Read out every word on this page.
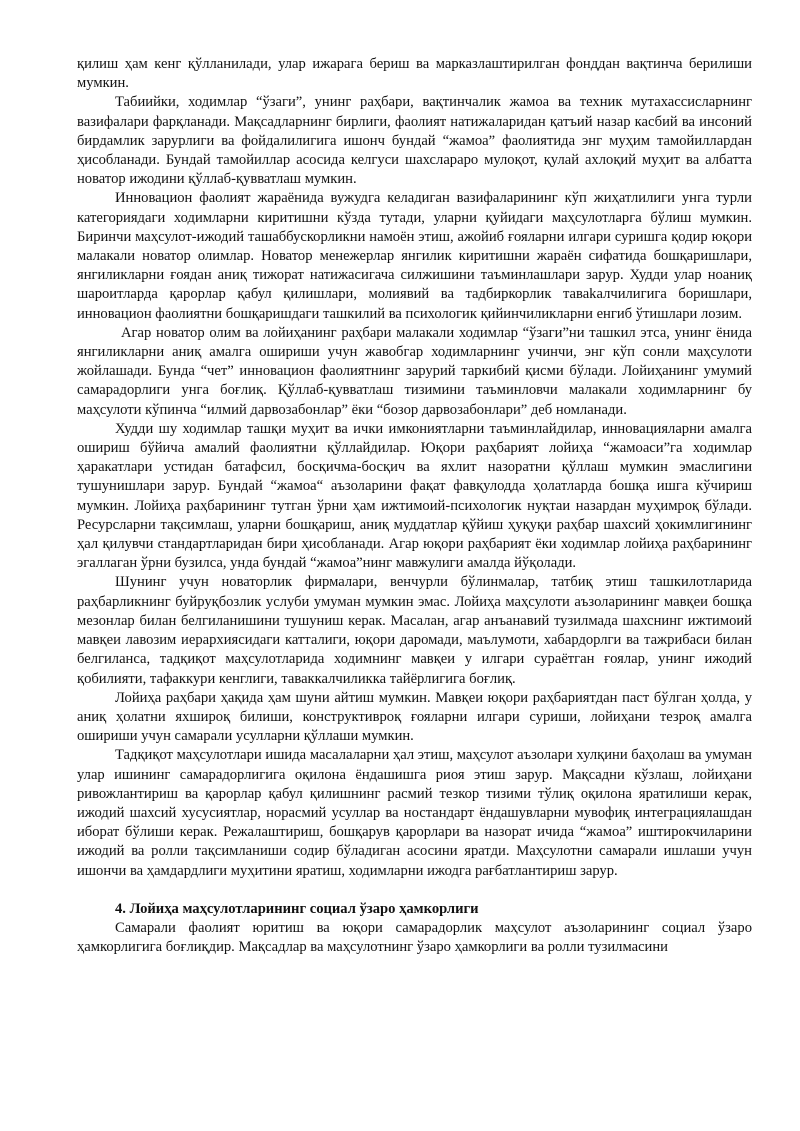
қилиш ҳам кенг қўлланилади, улар ижарага бериш ва марказлаштирилган фонддан вақтинча берилиши мумкин.

Табиийки, ходимлар “ўзаги”, унинг раҳбари, вақтинчалик жамоа ва техник мутахассисларнинг вазифалари фарқланади. Мақсадларнинг бирлиги, фаолият натижаларидан қатъий назар касбий ва инсоний бирдамлик зарурлиги ва фойдалилигига ишонч бундай “жамоа” фаолиятида энг муҳим тамойиллардан ҳисобланади. Бундай тамойиллар асосида келгуси шахсларaро мулоқот, қулай ахлоқий муҳит ва албатта новатор ижодини қўллаб-қувватлаш мумкин.

Инновацион фаолият жараёнида вужудга келадиган вазифаларининг кўп жиҳатлилиги унга турли категориядаги ходимларни киритишни кўзда тутади, уларни қуйидаги маҳсулотларга бўлиш мумкин. Биринчи маҳсулот-ижодий ташаббускорликни намоён этиш, ажойиб ғояларни илгари суришга қодир юқори малакали новатор олимлар. Новатор менежерлар янгилик киритишни жараён сифатида бошқаришлари, янгиликларни ғоядан аниқ тижорат натижасигача силжишини таъминлашлари зарур. Худди улар ноаниқ шароитларда қарорлар қабул қилишлари, молиявий ва тадбиркорлик таваkалчилигига боришлари, инновацион фаолиятни бошқаришдаги ташкилий ва психологик қийинчиликларни енгиб ўтишлари лозим.

Агар новатор олим ва лойиҳанинг раҳбари малакали ходимлар “ўзаги”ни ташкил этса, унинг ёнида янгиликларни аниқ амалга ошириши учун жавобгар ходимларнинг учинчи, энг кўп сонли маҳсулоти жойлашади. Бунда “чет” инновацион фаолиятнинг зарурий таркибий қисми бўлади. Лойиҳанинг умумий самарадорлиги унга боғлиқ. Қўллаб-қувватлаш тизимини таъминловчи малакали ходимларнинг бу маҳсулоти кўпинча “илмий дарвозабонлар” ёки “бозор дарвозабонлари” деб номланади.

Худди шу ходимлар ташқи муҳит ва ички имкониятларни таъминлайдилар, инновацияларни амалга ошириш бўйича амалий фаолиятни қўллайдилар. Юқори раҳбарият лойиҳа “жамоаси”га ходимлар ҳаракатлари устидан батафсил, босқичма-босқич ва яхлит назоратни қўллаш мумкин эмаслигини тушунишлари зарур. Бундай “жамоа“ аъзоларини фақат фавқулодда ҳолатларда бошқа ишга кўчириш мумкин. Лойиҳа раҳбарининг тутган ўрни ҳам ижтимоий-психологик нуқтаи назардан муҳимроқ бўлади. Ресурсларни тақсимлаш, уларни бошқариш, аниқ муддатлар қўйиш ҳуқуқи раҳбар шахсий ҳокимлигининг ҳал қилувчи стандартларидан бири ҳисобланади. Агар юқори раҳбарият ёки ходимлар лойиҳа раҳбарининг эгаллаган ўрни бузилса, унда бундай “жамоа”нинг мавжулиги амалда йўқолади.

Шунинг учун новаторлик фирмалари, венчурли бўлинмалар, татбиқ этиш ташкилотларида раҳбарликнинг буйруқбозлик услуби умуман мумкин эмас. Лойиҳа маҳсулоти аъзоларининг мавқеи бошқа мезонлар билан белгиланишини тушуниш керак. Масалан, агар анъанавий тузилмада шахснинг ижтимоий мавқеи лавозим иерархиясидаги катталиги, юқори даромади, маълумоти, хабардорлги ва тажрибаси билан белгиланса, тадқиқот маҳсулотларида ходимнинг мавқеи у илгари сурaётган ғоялар, унинг ижодий қобилияти, тафаккури кенглиги, таваккалчиликка тайёрлигига боғлиқ.

Лойиҳа раҳбари ҳақида ҳам шуни айтиш мумкин. Мавқеи юқори раҳбариятдан паст бўлган ҳолда, у аниқ ҳолатни яхшироқ билиши, конструктивроқ ғояларни илгари суриши, лойиҳани тезроқ амалга ошириши учун самарали усулларни қўллаши мумкин.

Тадқиқот маҳсулотлари ишида масалаларни ҳал этиш, маҳсулот аъзолари хулқини баҳолаш ва умуман улар ишининг самарадорлигига оқилона ёндашишга риоя этиш зарур. Мақсадни кўзлаш, лойиҳани ривожлантириш ва қарорлар қабул қилишнинг расмий тезкор тизими тўлиқ оқилона яратилиши керак, ижодий шахсий хусусиятлар, норасмий усуллар ва ностандарт ёндашувларни мувофиқ интеграциялашдан иборат бўлиши керак. Режалаштириш, бошқарув қарорлари ва назорат ичида “жамоа” иштирокчиларини ижодий ва ролли тақсимланиши содир бўладиган асосини яратди. Маҳсулотни самарали ишлаши учун ишончи ва ҳамдардлиги муҳитини яратиш, ходимларни ижодга рағбатлантириш зарур.

4. Лойиҳа маҳсулотларининг социал ўзаро ҳамкорлиги

Самарали фаолият юритиш ва юқори самарадорлик маҳсулот аъзоларининг социал ўзаро ҳамкорлигига боғлиқдир. Мақсадлар ва маҳсулотнинг ўзаро ҳамкорлиги ва ролли тузилмасини
